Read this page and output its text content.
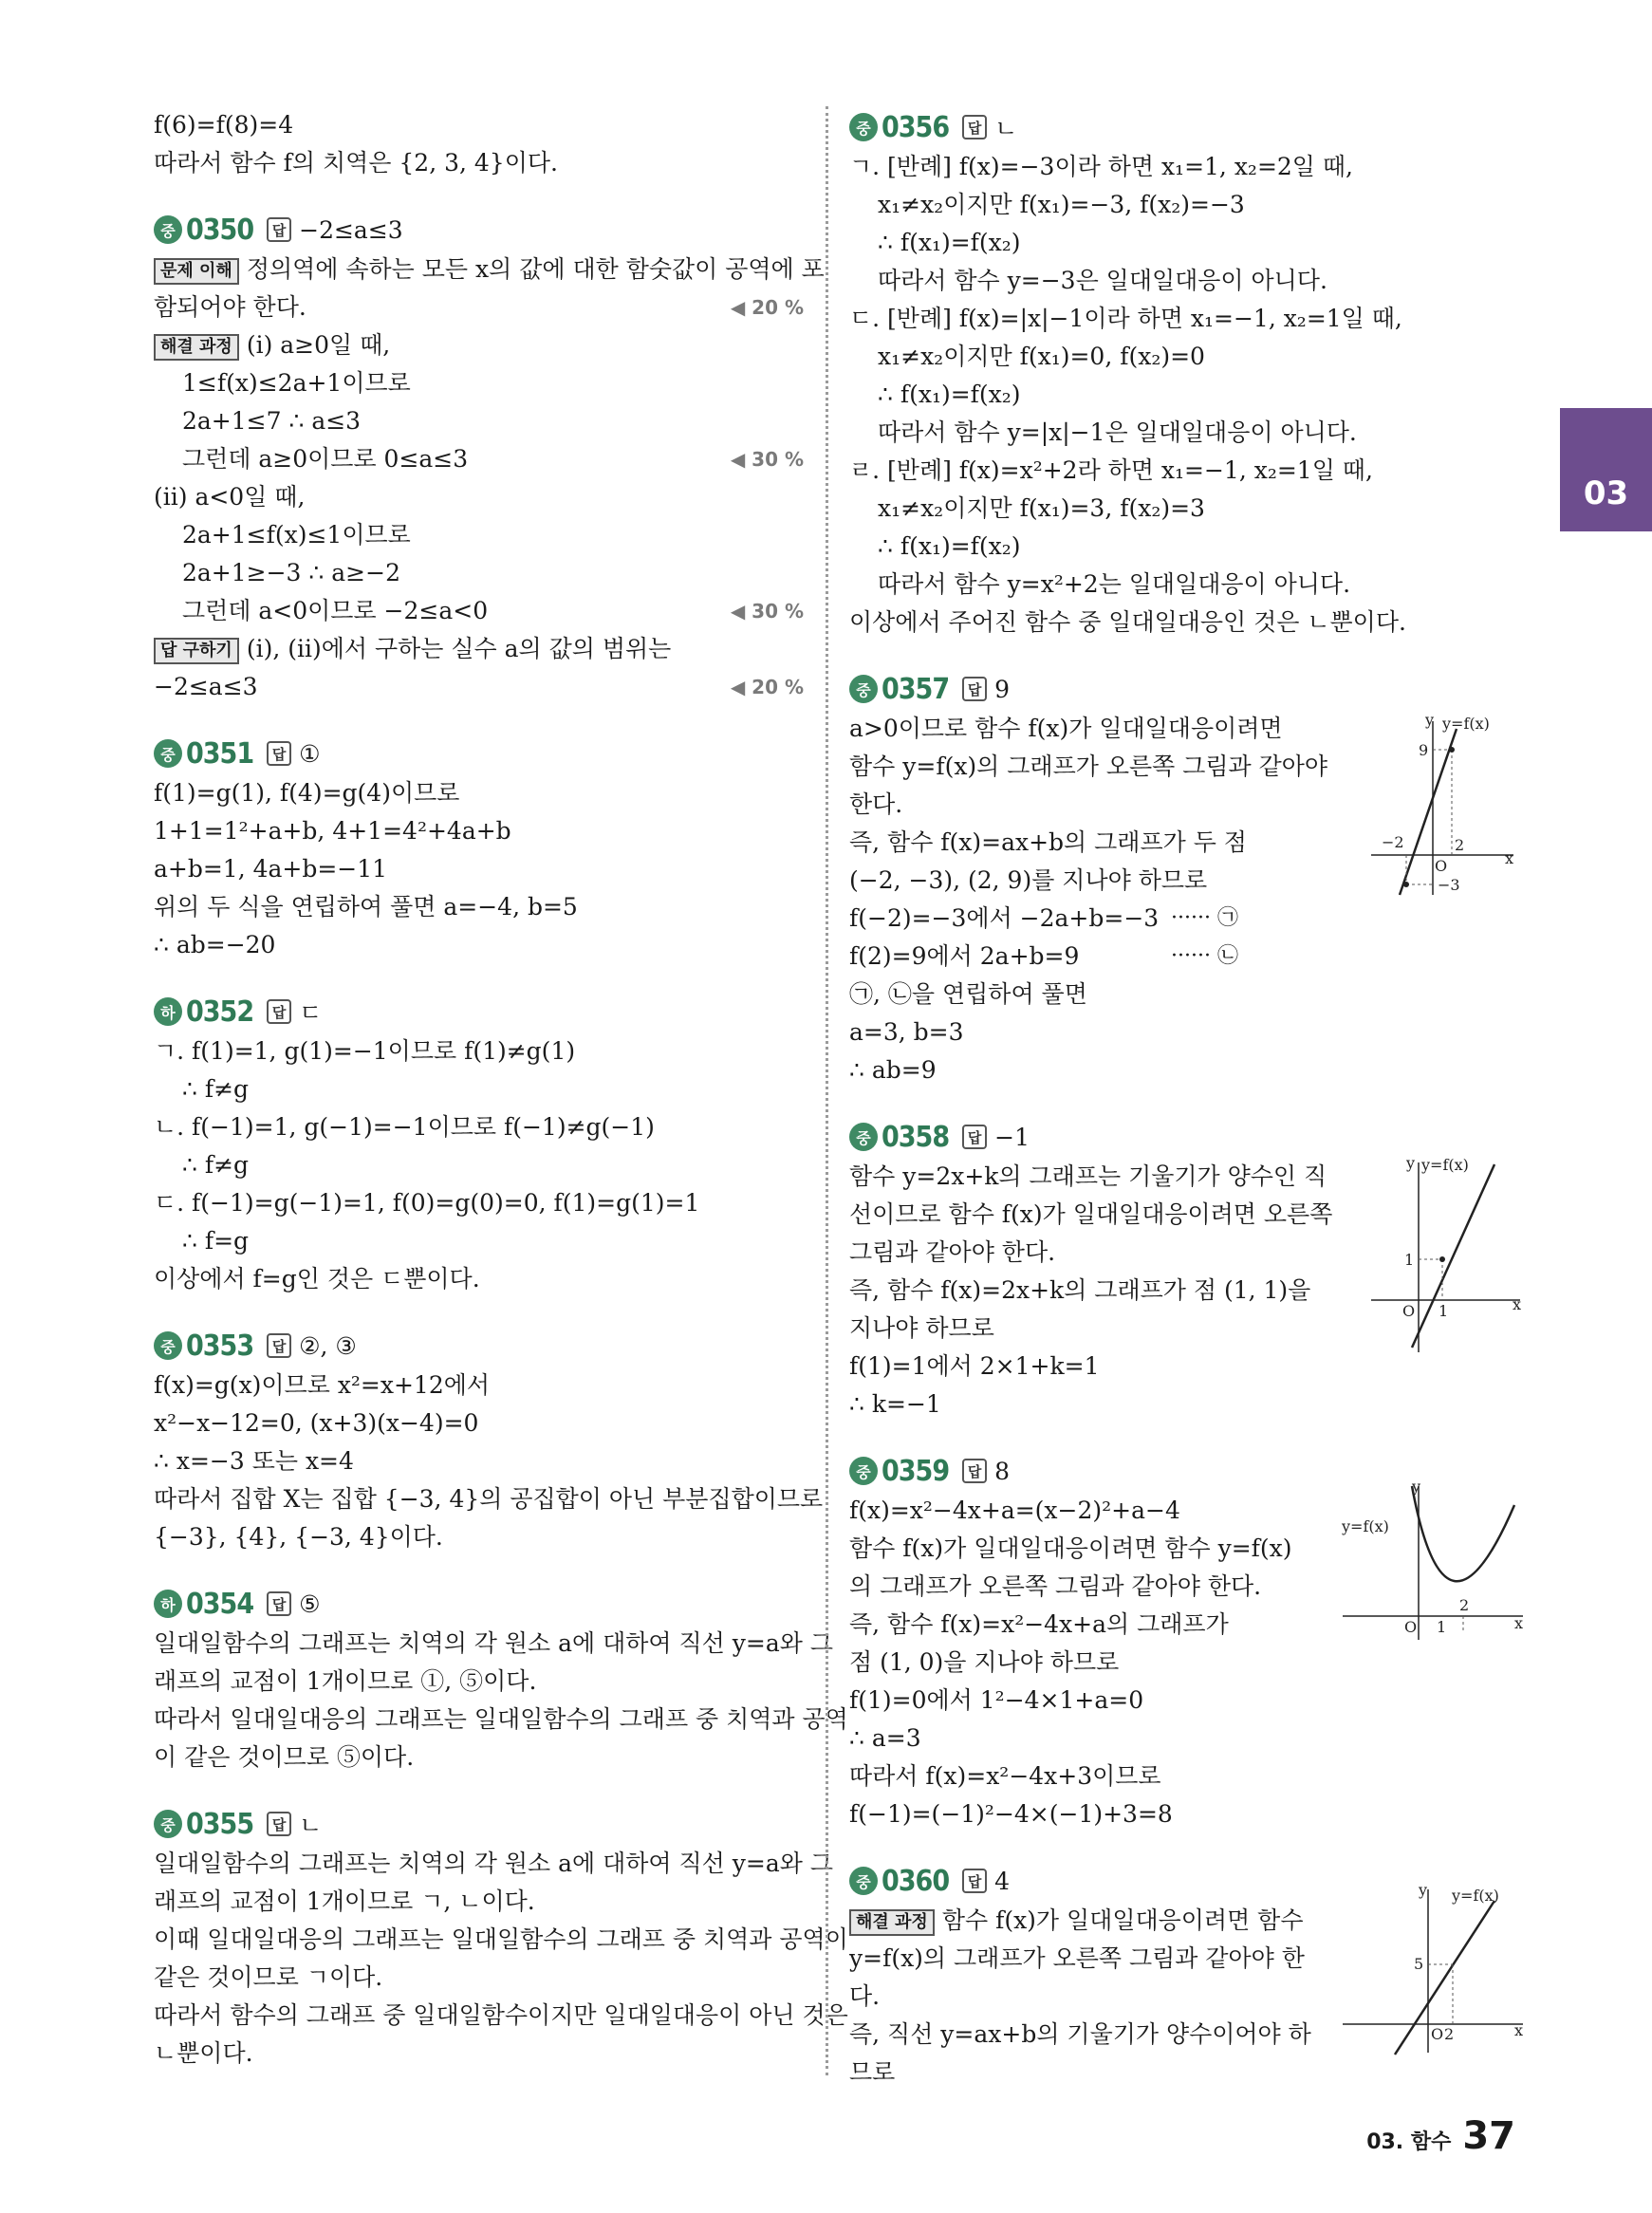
f(6)=f(8)=4
따라서 함수 f의 치역은 {2, 3, 4}이다.
중 0350	답 −2≤a≤3
문제 이해 정의역에 속하는 모든 x의 값에 대한 함숫값이 공역에 포
함되어야 한다.	◀ 20 %
해결 과정 (ⅰ) a≥0일 때,
1≤f(x)≤2a+1이므로
2a+1≤7 ∴ a≤3
그런데 a≥0이므로 0≤a≤3	◀ 30 %
(ⅱ) a<0일 때,
2a+1≤f(x)≤1이므로
2a+1≥−3 ∴ a≥−2
그런데 a<0이므로 −2≤a<0	◀ 30 %
답 구하기 (ⅰ), (ⅱ)에서 구하는 실수 a의 값의 범위는
−2≤a≤3	◀ 20 %
중 0351	답 ①
f(1)=g(1), f(4)=g(4)이므로
1+1=1²+a+b, 4+1=4²+4a+b
a+b=1, 4a+b=−11
위의 두 식을 연립하여 풀면 a=−4, b=5
∴ ab=−20
하 0352	답 ㄷ
ㄱ. f(1)=1, g(1)=−1이므로 f(1)≠g(1)
∴ f≠g
ㄴ. f(−1)=1, g(−1)=−1이므로 f(−1)≠g(−1)
∴ f≠g
ㄷ. f(−1)=g(−1)=1, f(0)=g(0)=0, f(1)=g(1)=1
∴ f=g
이상에서 f=g인 것은 ㄷ뿐이다.
중 0353	답 ②, ③
f(x)=g(x)이므로 x²=x+12에서
x²−x−12=0, (x+3)(x−4)=0
∴ x=−3 또는 x=4
따라서 집합 X는 집합 {−3, 4}의 공집합이 아닌 부분집합이므로
{−3}, {4}, {−3, 4}이다.
하 0354	답 ⑤
일대일함수의 그래프는 치역의 각 원소 a에 대하여 직선 y=a와 그
래프의 교점이 1개이므로 ①, ⑤이다.
따라서 일대일대응의 그래프는 일대일함수의 그래프 중 치역과 공역
이 같은 것이므로 ⑤이다.
중 0355	답 ㄴ
일대일함수의 그래프는 치역의 각 원소 a에 대하여 직선 y=a와 그
래프의 교점이 1개이므로 ㄱ, ㄴ이다.
이때 일대일대응의 그래프는 일대일함수의 그래프 중 치역과 공역이
같은 것이므로 ㄱ이다.
따라서 함수의 그래프 중 일대일함수이지만 일대일대응이 아닌 것은
ㄴ뿐이다.
중 0356	답 ㄴ
ㄱ. [반례] f(x)=−3이라 하면 x₁=1, x₂=2일 때,
x₁≠x₂이지만 f(x₁)=−3, f(x₂)=−3
∴ f(x₁)=f(x₂)
따라서 함수 y=−3은 일대일대응이 아니다.
ㄷ. [반례] f(x)=|x|−1이라 하면 x₁=−1, x₂=1일 때,
x₁≠x₂이지만 f(x₁)=0, f(x₂)=0
∴ f(x₁)=f(x₂)
따라서 함수 y=|x|−1은 일대일대응이 아니다.
ㄹ. [반례] f(x)=x²+2라 하면 x₁=−1, x₂=1일 때,
x₁≠x₂이지만 f(x₁)=3, f(x₂)=3
∴ f(x₁)=f(x₂)
따라서 함수 y=x²+2는 일대일대응이 아니다.
이상에서 주어진 함수 중 일대일대응인 것은 ㄴ뿐이다.
중 0357	답 9
a>0이므로 함수 f(x)가 일대일대응이려면
함수 y=f(x)의 그래프가 오른쪽 그림과 같아야
한다.
즉, 함수 f(x)=ax+b의 그래프가 두 점
(−2, −3), (2, 9)를 지나야 하므로
f(−2)=−3에서 −2a+b=−3 ······ ㉠
f(2)=9에서 2a+b=9	······ ㉡
㉠, ㉡을 연립하여 풀면
a=3, b=3
∴ ab=9
중 0358	답 −1
함수 y=2x+k의 그래프는 기울기가 양수인 직
선이므로 함수 f(x)가 일대일대응이려면 오른쪽
그림과 같아야 한다.
즉, 함수 f(x)=2x+k의 그래프가 점 (1, 1)을
지나야 하므로
f(1)=1에서 2×1+k=1
∴ k=−1
중 0359	답 8
f(x)=x²−4x+a=(x−2)²+a−4
함수 f(x)가 일대일대응이려면 함수 y=f(x)
의 그래프가 오른쪽 그림과 같아야 한다.
즉, 함수 f(x)=x²−4x+a의 그래프가
점 (1, 0)을 지나야 하므로
f(1)=0에서 1²−4×1+a=0
∴ a=3
따라서 f(x)=x²−4x+3이므로
f(−1)=(−1)²−4×(−1)+3=8
중 0360	답 4
해결 과정 함수 f(x)가 일대일대응이려면 함수
y=f(x)의 그래프가 오른쪽 그림과 같아야 한
다.
즉, 직선 y=ax+b의 기울기가 양수이어야 하
므로
03
03. 함수 37
y y=f(x)
x
O
9
−2	2
−3
y y=f(x)
x
O
1
1
y
y=f(x)
x
O 1
2
y y=f(x)
x
O
5
2
